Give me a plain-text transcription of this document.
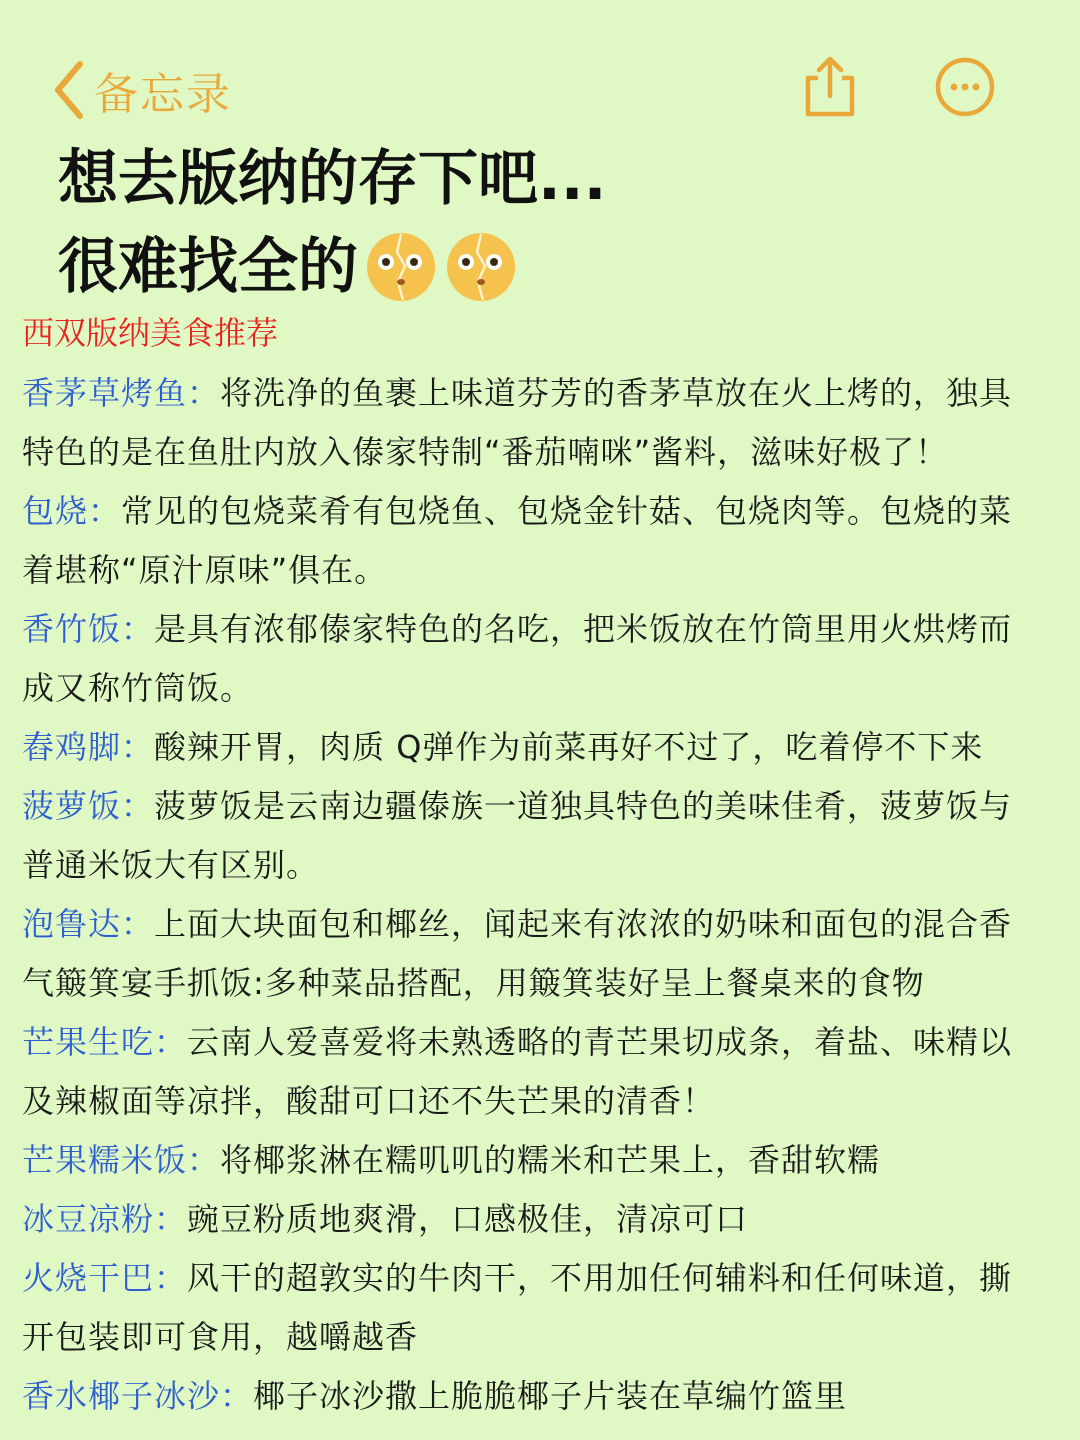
备忘录
想去版纳的存下吧...
很难找全的
西双版纳美食推荐

香茅草烤鱼：将洗净的鱼裹上味道芬芳的香茅草放在火上烤的，独具特色的是在鱼肚内放入傣家特制“番茄喃咪”酱料，滋味好极了！

包烧：常见的包烧菜肴有包烧鱼、包烧金针菇、包烧肉等。包烧的菜着堪称“原汁原味”俱在。

香竹饭：是具有浓郁傣家特色的名吃，把米饭放在竹筒里用火烘烤而成又称竹筒饭。

舂鸡脚：酸辣开胃，肉质 Q弹作为前菜再好不过了，吃着停不下来

菠萝饭：菠萝饭是云南边疆傣族一道独具特色的美味佳肴，菠萝饭与普通米饭大有区别。

泡鲁达：上面大块面包和椰丝，闻起来有浓浓的奶味和面包的混合香气簸箕宴手抓饭:多种菜品搭配，用簸箕装好呈上餐桌来的食物

芒果生吃：云南人爱喜爱将未熟透略的青芒果切成条，着盐、味精以及辣椒面等凉拌，酸甜可口还不失芒果的清香！

芒果糯米饭：将椰浆淋在糯叽叽的糯米和芒果上，香甜软糯

冰豆凉粉：豌豆粉质地爽滑，口感极佳，清凉可口

火烧干巴：风干的超敦实的牛肉干，不用加任何辅料和任何味道，撕开包装即可食用，越嚼越香

香水椰子冰沙：椰子冰沙撒上脆脆椰子片装在草编竹篮里
